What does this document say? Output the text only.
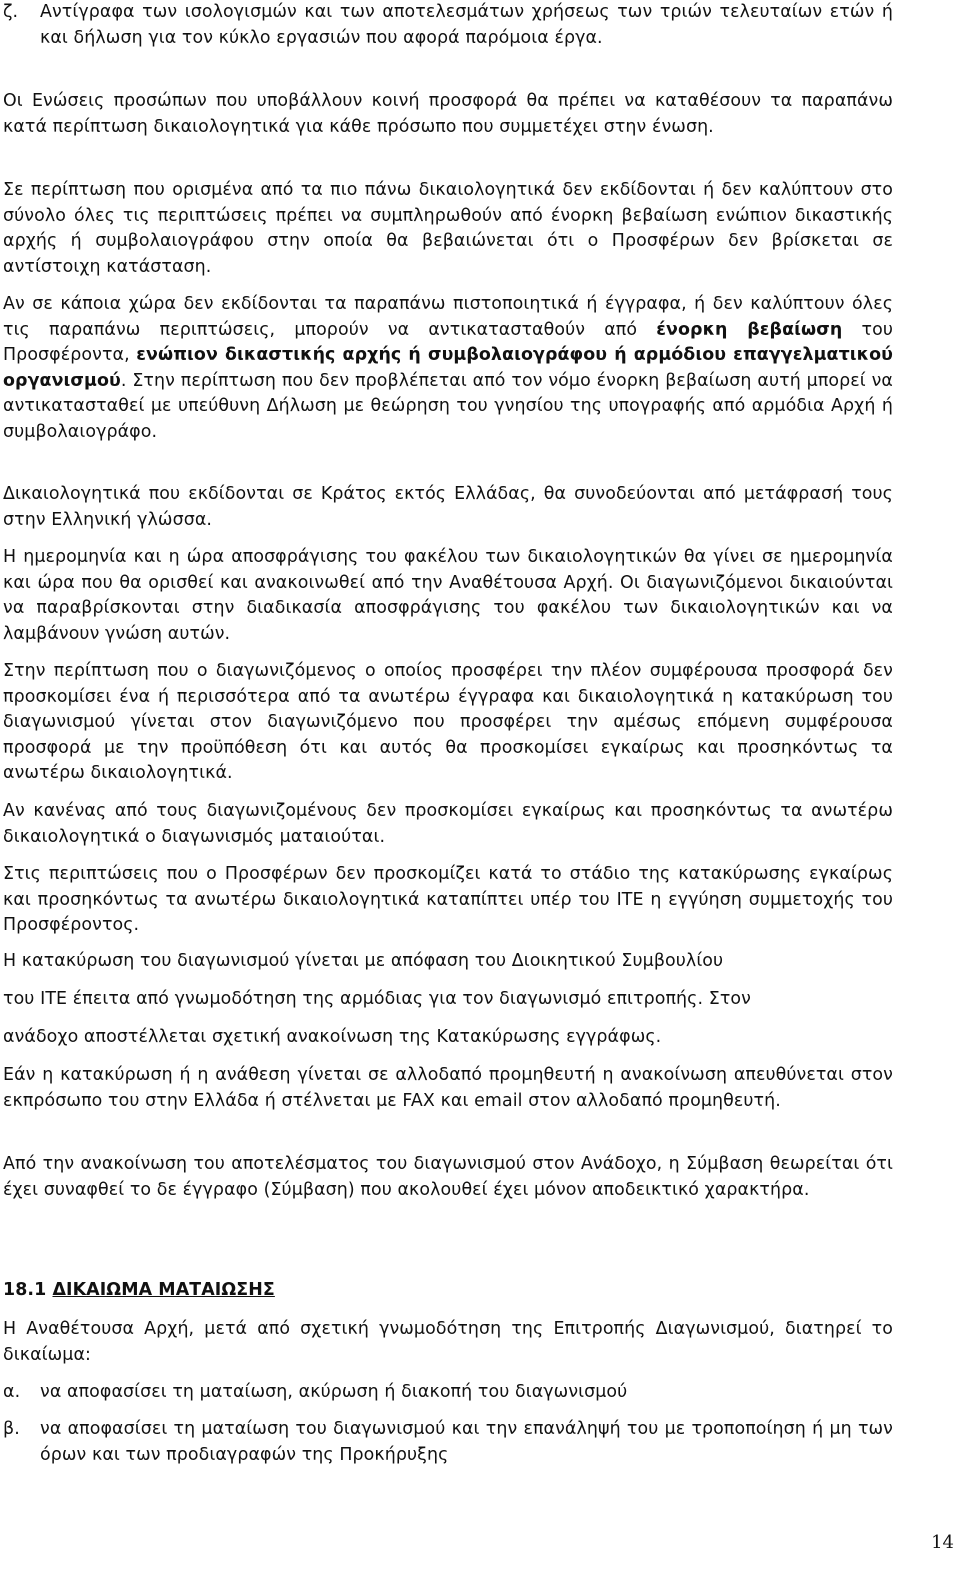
ζ.	Αντίγραφα των ισολογισμών και των αποτελεσμάτων χρήσεως των τριών τελευταίων ετών ή και δήλωση για τον κύκλο εργασιών που αφορά παρόμοια έργα.

Οι Ενώσεις προσώπων που υποβάλλουν κοινή προσφορά θα πρέπει να καταθέσουν τα παραπάνω κατά περίπτωση δικαιολογητικά για κάθε πρόσωπο που συμμετέχει στην ένωση.

Σε περίπτωση που ορισμένα από τα πιο πάνω δικαιολογητικά δεν εκδίδονται ή δεν καλύπτουν στο σύνολο όλες τις περιπτώσεις πρέπει να συμπληρωθούν από ένορκη βεβαίωση ενώπιον δικαστικής αρχής ή συμβολαιογράφου στην οποία θα βεβαιώνεται ότι ο Προσφέρων δεν βρίσκεται σε αντίστοιχη κατάσταση.

Αν σε κάποια χώρα δεν εκδίδονται τα παραπάνω πιστοποιητικά ή έγγραφα, ή δεν καλύπτουν όλες τις παραπάνω περιπτώσεις, μπορούν να αντικατασταθούν από ένορκη βεβαίωση του Προσφέροντα, ενώπιον δικαστικής αρχής ή συμβολαιογράφου ή αρμόδιου επαγγελματικού οργανισμού. Στην περίπτωση που δεν προβλέπεται από τον νόμο ένορκη βεβαίωση αυτή μπορεί να αντικατασταθεί με υπεύθυνη Δήλωση με θεώρηση του γνησίου της υπογραφής από αρμόδια Αρχή ή συμβολαιογράφο.

Δικαιολογητικά που εκδίδονται σε Κράτος εκτός Ελλάδας, θα συνοδεύονται από μετάφρασή τους στην Ελληνική γλώσσα.

Η ημερομηνία και η ώρα αποσφράγισης του φακέλου των δικαιολογητικών θα γίνει σε ημερομηνία και ώρα που θα ορισθεί και ανακοινωθεί από την Αναθέτουσα Αρχή. Οι διαγωνιζόμενοι δικαιούνται να παραβρίσκονται στην διαδικασία αποσφράγισης του φακέλου των δικαιολογητικών και να λαμβάνουν γνώση αυτών.

Στην περίπτωση που ο διαγωνιζόμενος ο οποίος προσφέρει την πλέον συμφέρουσα προσφορά δεν προσκομίσει ένα ή περισσότερα από τα ανωτέρω έγγραφα και δικαιολογητικά η κατακύρωση του διαγωνισμού γίνεται στον διαγωνιζόμενο που προσφέρει την αμέσως επόμενη συμφέρουσα προσφορά με την προϋπόθεση ότι και αυτός θα προσκομίσει εγκαίρως και προσηκόντως τα ανωτέρω δικαιολογητικά.

Αν κανένας από τους διαγωνιζομένους δεν προσκομίσει εγκαίρως και προσηκόντως τα ανωτέρω δικαιολογητικά ο διαγωνισμός ματαιούται.

Στις περιπτώσεις που ο Προσφέρων δεν προσκομίζει κατά το στάδιο της κατακύρωσης εγκαίρως και προσηκόντως τα ανωτέρω δικαιολογητικά καταπίπτει υπέρ του ΙΤΕ η εγγύηση συμμετοχής του Προσφέροντος.

Η κατακύρωση του διαγωνισμού γίνεται με απόφαση του Διοικητικού Συμβουλίου

του ΙΤΕ έπειτα από γνωμοδότηση της αρμόδιας για τον διαγωνισμό επιτροπής. Στον

ανάδοχο αποστέλλεται σχετική ανακοίνωση της Κατακύρωσης εγγράφως.

Εάν η κατακύρωση ή η ανάθεση γίνεται σε αλλοδαπό προμηθευτή η ανακοίνωση απευθύνεται στον εκπρόσωπο του στην Ελλάδα ή στέλνεται με FAX και email στον αλλοδαπό προμηθευτή.

Από την ανακοίνωση του αποτελέσματος του διαγωνισμού στον Ανάδοχο, η Σύμβαση θεωρείται ότι έχει συναφθεί το δε έγγραφο (Σύμβαση) που ακολουθεί έχει μόνον αποδεικτικό χαρακτήρα.

18.1 ΔΙΚΑΙΩΜΑ ΜΑΤΑΙΩΣΗΣ

Η Αναθέτουσα Αρχή, μετά από σχετική γνωμοδότηση της Επιτροπής Διαγωνισμού, διατηρεί το δικαίωμα:

α.	να αποφασίσει τη ματαίωση, ακύρωση ή διακοπή του διαγωνισμού
β.	να αποφασίσει τη ματαίωση του διαγωνισμού και την επανάληψή του με τροποποίηση ή μη των όρων και των προδιαγραφών της Προκήρυξης
14
